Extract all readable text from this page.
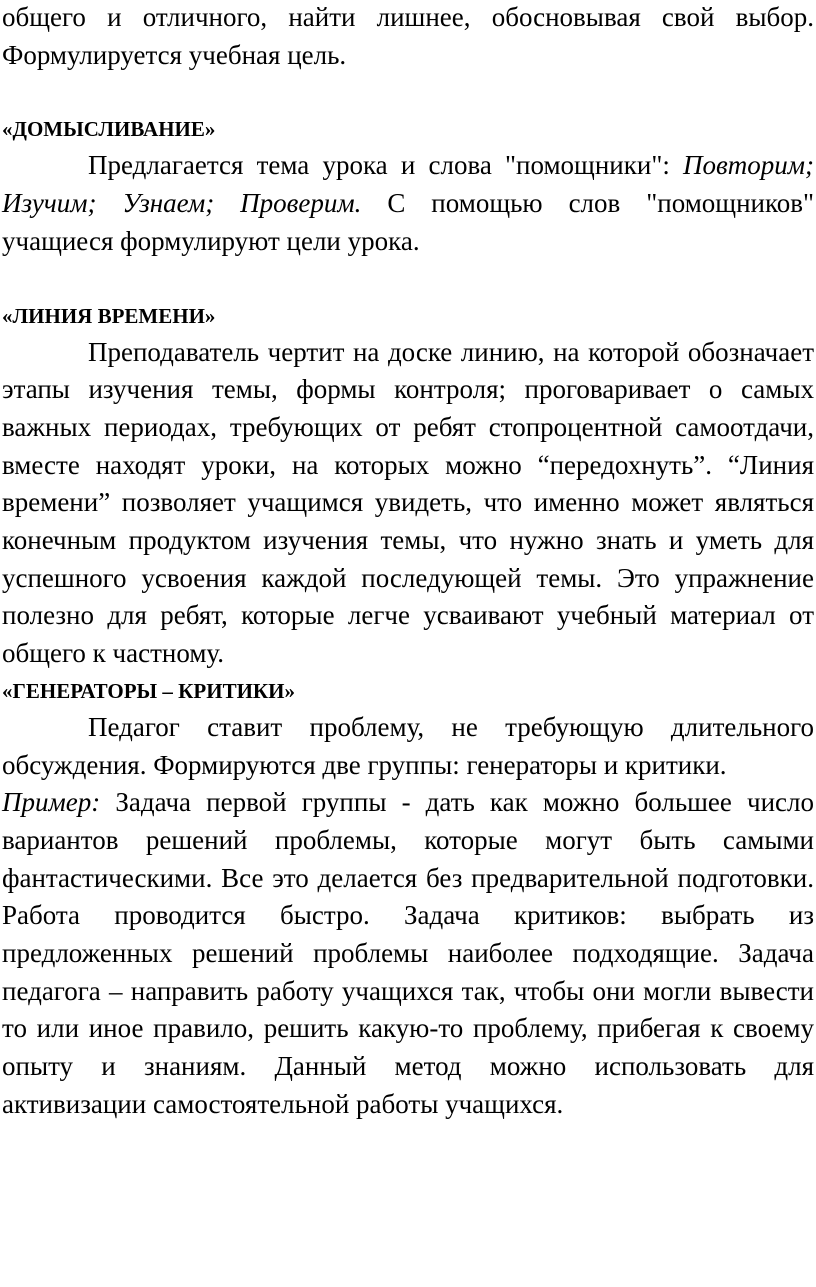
общего и отличного, найти лишнее, обосновывая свой выбор. Формулируется учебная цель.

«ДОМЫСЛИВАНИЕ»

Предлагается тема урока и слова "помощники": Повторим; Изучим; Узнаем; Проверим. С помощью слов "помощников" учащиеся формулируют цели урока.

«ЛИНИЯ ВРЕМЕНИ»

Преподаватель чертит на доске линию, на которой обозначает этапы изучения темы, формы контроля; проговаривает о самых важных периодах, требующих от ребят стопроцентной самоотдачи, вместе находят уроки, на которых можно “передохнуть”. “Линия времени” позволяет учащимся увидеть, что именно может являться конечным продуктом изучения темы, что нужно знать и уметь для успешного усвоения каждой последующей темы. Это упражнение полезно для ребят, которые легче усваивают учебный материал от общего к частному.

«ГЕНЕРАТОРЫ – КРИТИКИ»

Педагог ставит проблему, не требующую длительного обсуждения. Формируются две группы: генераторы и критики.

Пример: Задача первой группы - дать как можно большее число вариантов решений проблемы, которые могут быть самыми фантастическими. Все это делается без предварительной подготовки. Работа проводится быстро. Задача критиков: выбрать из предложенных решений проблемы наиболее подходящие. Задача педагога – направить работу учащихся так, чтобы они могли вывести то или иное правило, решить какую-то проблему, прибегая к своему опыту и знаниям. Данный метод можно использовать для активизации самостоятельной работы учащихся.
